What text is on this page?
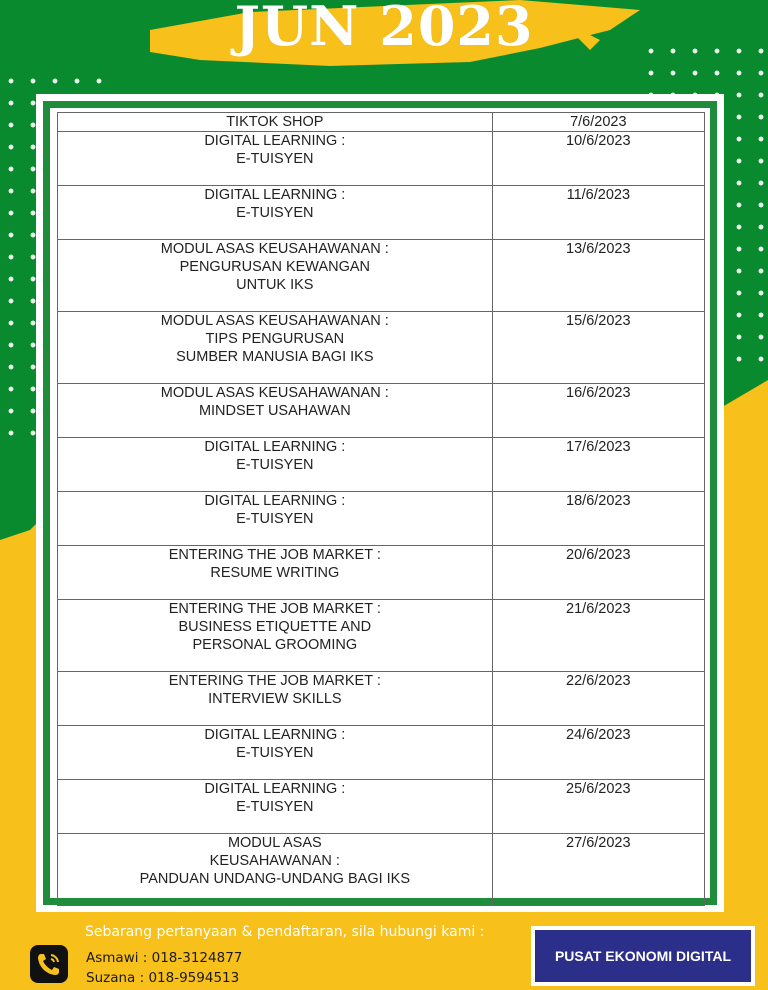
JUN 2023
TIKTOK SHOP	7/6/2023

DIGITAL LEARNING :
E-TUISYEN	10/6/2023

DIGITAL LEARNING :
E-TUISYEN	11/6/2023

MODUL ASAS KEUSAHAWANAN :
PENGURUSAN KEWANGAN
UNTUK IKS	13/6/2023

MODUL ASAS KEUSAHAWANAN :
TIPS PENGURUSAN
SUMBER MANUSIA BAGI IKS	15/6/2023

MODUL ASAS KEUSAHAWANAN :
MINDSET USAHAWAN	16/6/2023

DIGITAL LEARNING :
E-TUISYEN	17/6/2023

DIGITAL LEARNING :
E-TUISYEN	18/6/2023

ENTERING THE JOB MARKET :
RESUME WRITING	20/6/2023

ENTERING THE JOB MARKET :
BUSINESS ETIQUETTE AND
PERSONAL GROOMING	21/6/2023

ENTERING THE JOB MARKET :
INTERVIEW SKILLS	22/6/2023

DIGITAL LEARNING :
E-TUISYEN	24/6/2023

DIGITAL LEARNING :
E-TUISYEN	25/6/2023

MODUL ASAS
KEUSAHAWANAN :
PANDUAN UNDANG-UNDANG BAGI IKS	27/6/2023
Sebarang pertanyaan & pendaftaran, sila hubungi kami :
Asmawi : 018-3124877
Suzana : 018-9594513
PUSAT EKONOMI DIGITAL
